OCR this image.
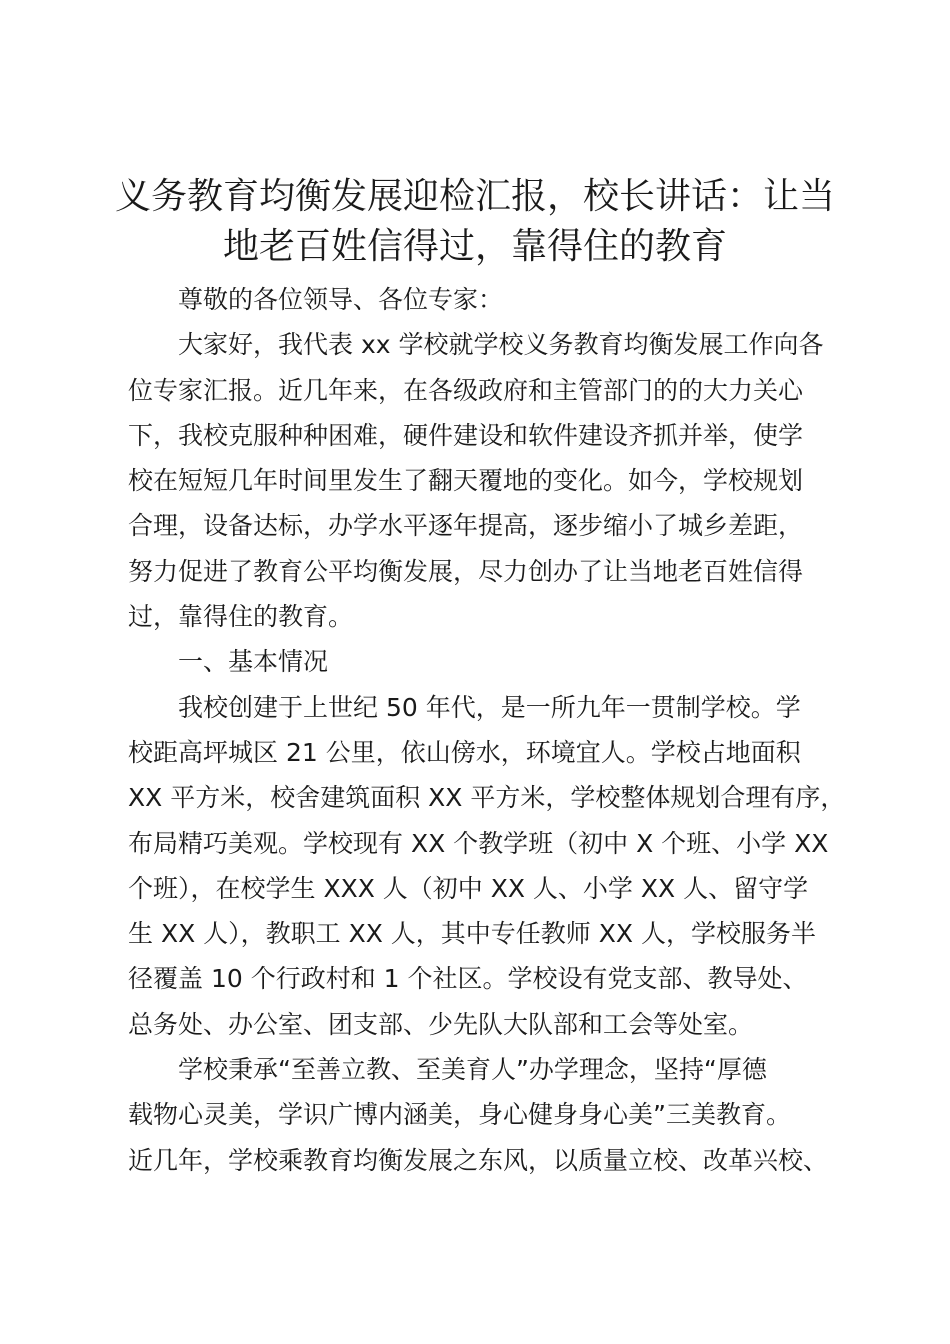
义务教育均衡发展迎检汇报，校长讲话：让当
地老百姓信得过，靠得住的教育

尊敬的各位领导、各位专家：

大家好，我代表 xx 学校就学校义务教育均衡发展工作向各
位专家汇报。近几年来，在各级政府和主管部门的的大力关心
下，我校克服种种困难，硬件建设和软件建设齐抓并举，使学
校在短短几年时间里发生了翻天覆地的变化。如今，学校规划
合理，设备达标，办学水平逐年提高，逐步缩小了城乡差距，
努力促进了教育公平均衡发展，尽力创办了让当地老百姓信得
过，靠得住的教育。

一、基本情况

我校创建于上世纪 50 年代，是一所九年一贯制学校。学
校距高坪城区 21 公里，依山傍水，环境宜人。学校占地面积
XX 平方米，校舍建筑面积 XX 平方米，学校整体规划合理有序，
布局精巧美观。学校现有 XX 个教学班（初中 X 个班、小学 XX
个班），在校学生 XXX 人（初中 XX 人、小学 XX 人、留守学
生 XX 人），教职工 XX 人，其中专任教师 XX 人，学校服务半
径覆盖 10 个行政村和 1 个社区。学校设有党支部、教导处、
总务处、办公室、团支部、少先队大队部和工会等处室。

学校秉承“至善立教、至美育人”办学理念，坚持“厚德
载物心灵美，学识广博内涵美，身心健身身心美”三美教育。
近几年，学校乘教育均衡发展之东风，以质量立校、改革兴校、
